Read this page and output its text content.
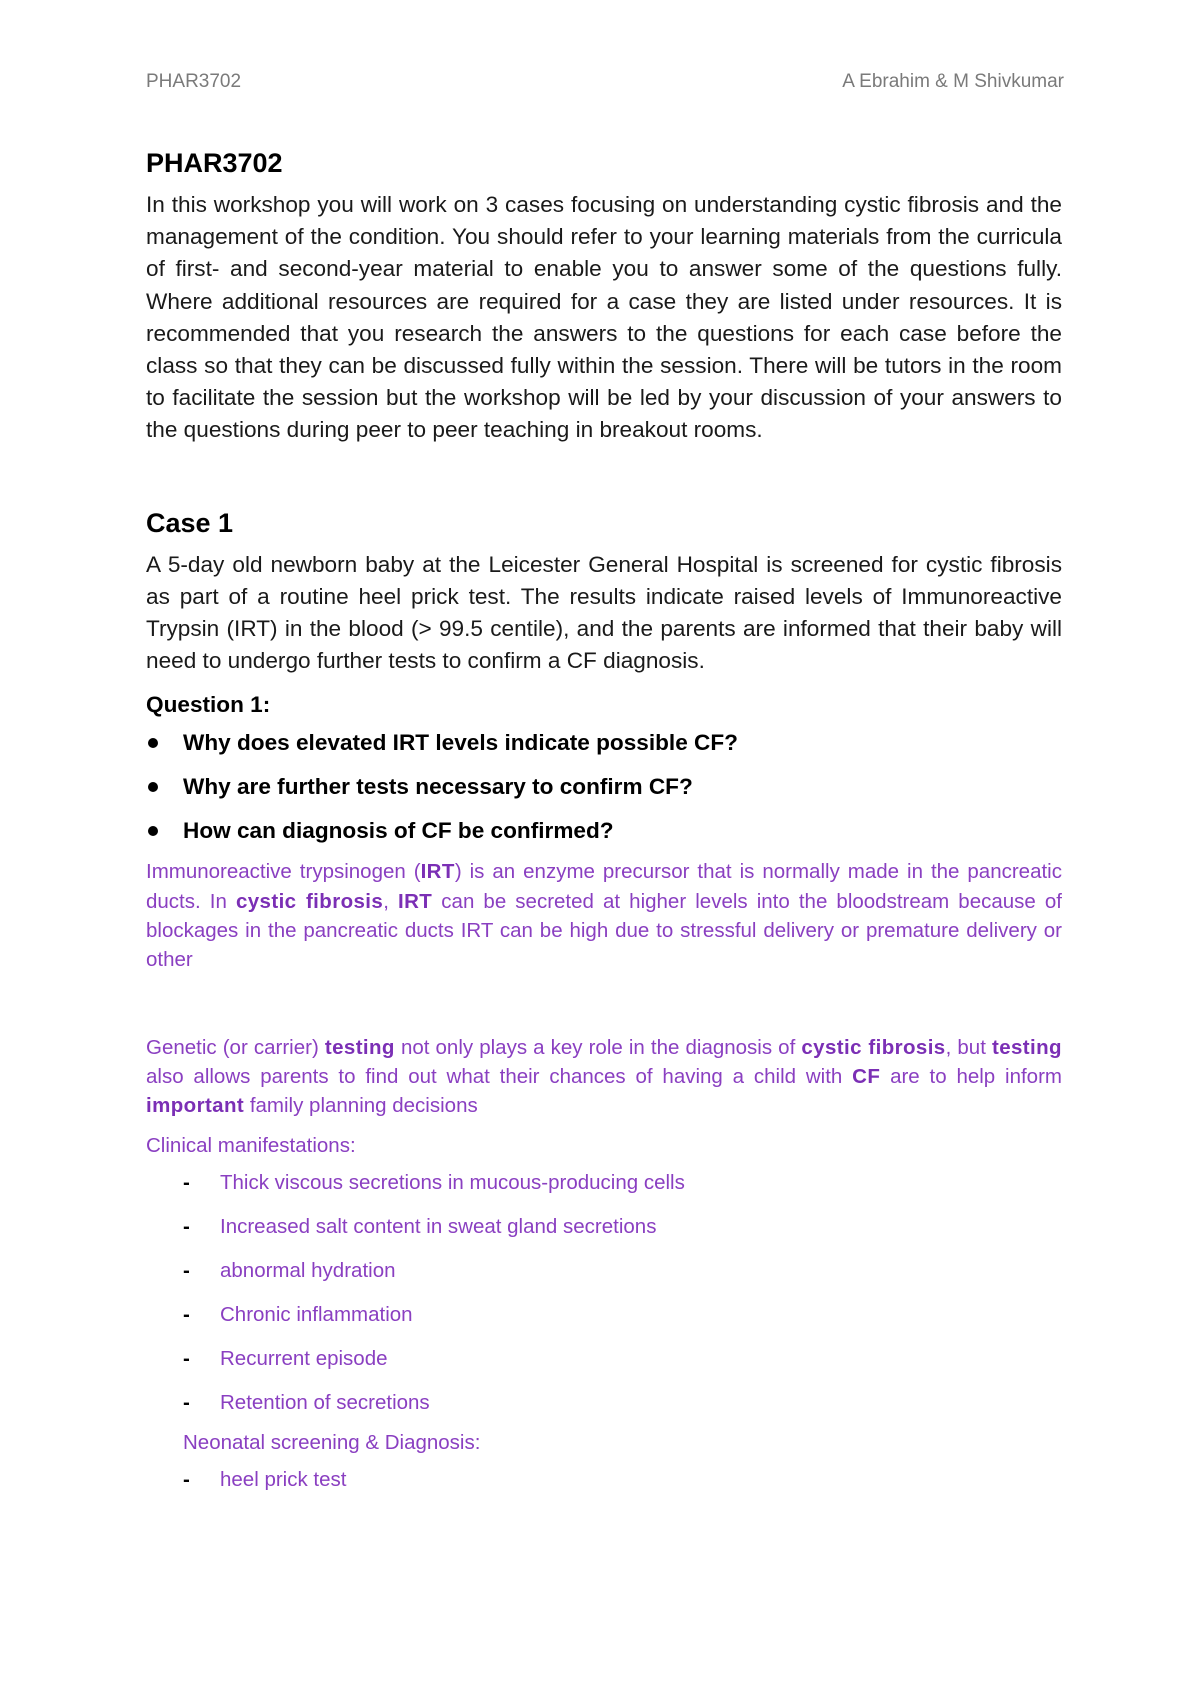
PHAR3702	A Ebrahim & M Shivkumar
PHAR3702

In this workshop you will work on 3 cases focusing on understanding cystic fibrosis and the management of the condition. You should refer to your learning materials from the curricula of first- and second-year material to enable you to answer some of the questions fully. Where additional resources are required for a case they are listed under resources. It is recommended that you research the answers to the questions for each case before the class so that they can be discussed fully within the session. There will be tutors in the room to facilitate the session but the workshop will be led by your discussion of your answers to the questions during peer to peer teaching in breakout rooms.

Case 1

A 5-day old newborn baby at the Leicester General Hospital is screened for cystic fibrosis as part of a routine heel prick test. The results indicate raised levels of Immunoreactive Trypsin (IRT) in the blood (> 99.5 centile), and the parents are informed that their baby will need to undergo further tests to confirm a CF diagnosis.

Question 1:

Why does elevated IRT levels indicate possible CF?
Why are further tests necessary to confirm CF?
How can diagnosis of CF be confirmed?

Immunoreactive trypsinogen (IRT) is an enzyme precursor that is normally made in the pancreatic ducts. In cystic fibrosis, IRT can be secreted at higher levels into the bloodstream because of blockages in the pancreatic ducts IRT can be high due to stressful delivery or premature delivery or other

Genetic (or carrier) testing not only plays a key role in the diagnosis of cystic fibrosis, but testing also allows parents to find out what their chances of having a child with CF are to help inform important family planning decisions

Clinical manifestations:

- Thick viscous secretions in mucous-producing cells
- Increased salt content in sweat gland secretions
- abnormal hydration
- Chronic inflammation
- Recurrent episode
- Retention of secretions

Neonatal screening & Diagnosis:

- heel prick test
